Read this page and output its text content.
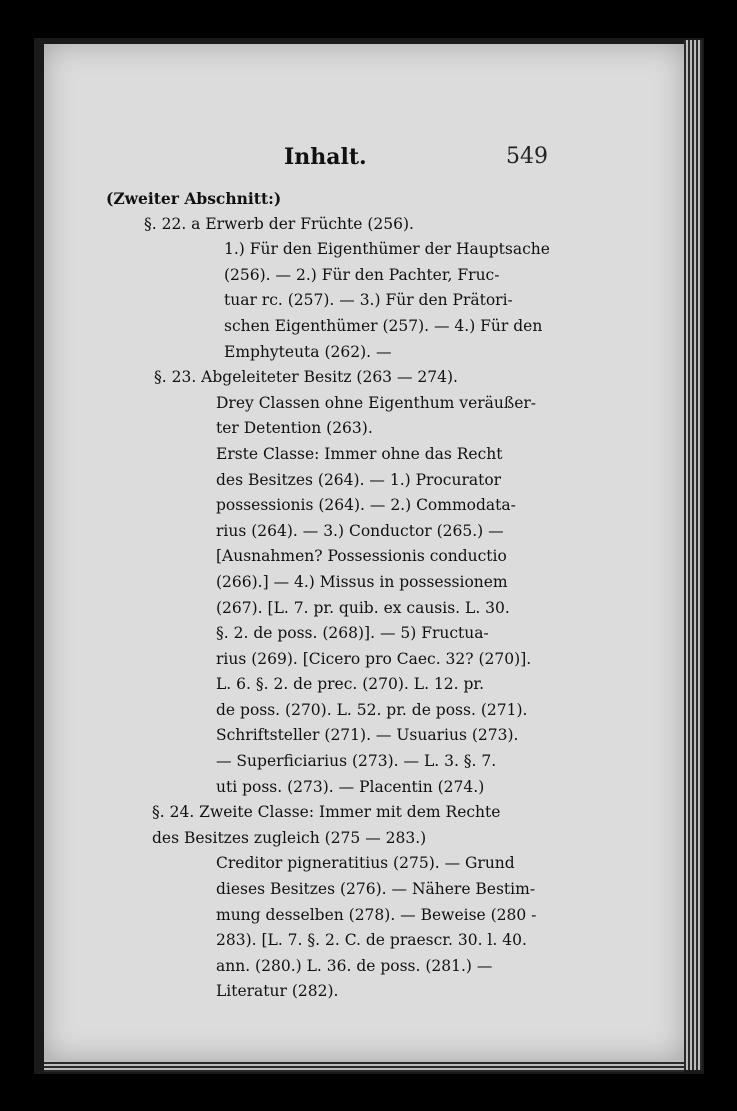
Inhalt.	549
(Zweiter Abschnitt:)
§. 22. a Erwerb der Früchte (256).
1.) Für den Eigenthümer der Hauptsache
(256). — 2.) Für den Pachter, Fruc-
tuar rc. (257). — 3.) Für den Prätori-
schen Eigenthümer (257). — 4.) Für den
Emphyteuta (262). —
§. 23. Abgeleiteter Besitz (263 — 274).
Drey Classen ohne Eigenthum veräußer-
ter Detention (263).
Erste Classe: Immer ohne das Recht
des Besitzes (264). — 1.) Procurator
possessionis (264). — 2.) Commodata-
rius (264). — 3.) Conductor (265.) —
[Ausnahmen? Possessionis conductio
(266).] — 4.) Missus in possessionem
(267). [L. 7. pr. quib. ex causis. L. 30.
§. 2. de poss. (268)]. — 5) Fructua-
rius (269). [Cicero pro Caec. 32? (270)].
L. 6. §. 2. de prec. (270). L. 12. pr.
de poss. (270). L. 52. pr. de poss. (271).
Schriftsteller (271). — Usuarius (273).
— Superficiarius (273). — L. 3. §. 7.
uti poss. (273). — Placentin (274.)
§. 24. Zweite Classe: Immer mit dem Rechte
des Besitzes zugleich (275 — 283.)
Creditor pigneratitius (275). — Grund
dieses Besitzes (276). — Nähere Bestim-
mung desselben (278). — Beweise (280 -
283). [L. 7. §. 2. C. de praescr. 30. l. 40.
ann. (280.) L. 36. de poss. (281.) —
Literatur (282).
